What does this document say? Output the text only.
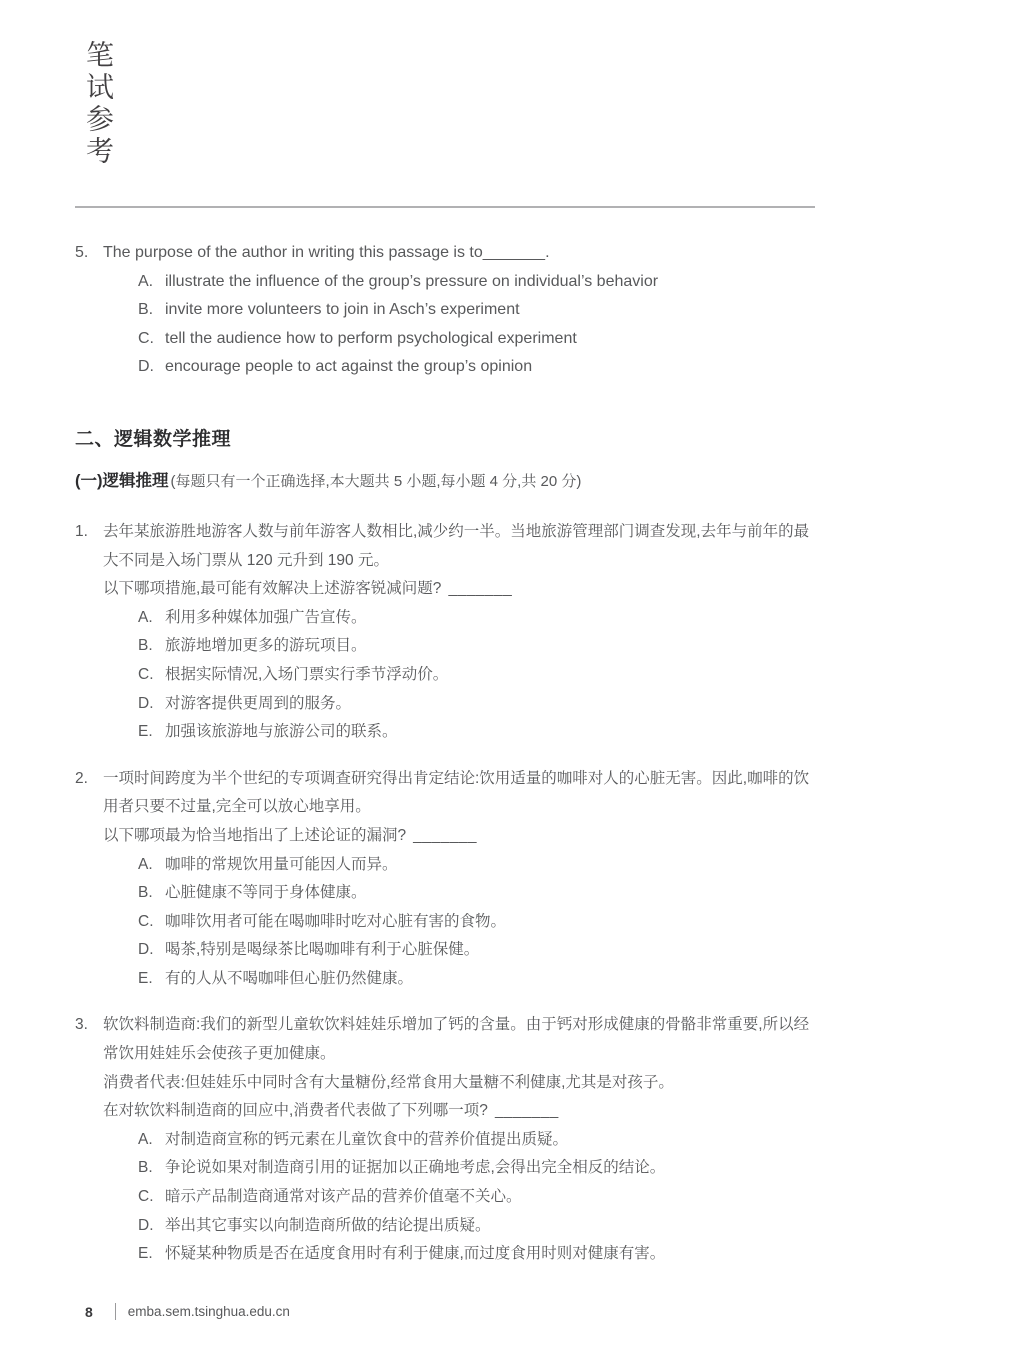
笔试参考
5. The purpose of the author in writing this passage is to_______.

A. illustrate the influence of the group’s pressure on individual’s behavior
B. invite more volunteers to join in Asch’s experiment
C. tell the audience how to perform psychological experiment
D. encourage people to act against the group’s opinion
二、逻辑数学推理

(一)逻辑推理 (每题只有一个正确选择,本大题共 5 小题,每小题 4 分,共 20 分)

1. 去年某旅游胜地游客人数与前年游客人数相比,减少约一半。当地旅游管理部门调查发现,去年与前年的最大不同是入场门票从 120 元升到 190 元。

以下哪项措施,最可能有效解决上述游客锐减问题? _______

A. 利用多种媒体加强广告宣传。
B. 旅游地增加更多的游玩项目。
C. 根据实际情况,入场门票实行季节浮动价。
D. 对游客提供更周到的服务。
E. 加强该旅游地与旅游公司的联系。
2. 一项时间跨度为半个世纪的专项调查研究得出肯定结论:饮用适量的咖啡对人的心脏无害。因此,咖啡的饮用者只要不过量,完全可以放心地享用。

以下哪项最为恰当地指出了上述论证的漏洞? _______

A. 咖啡的常规饮用量可能因人而异。
B. 心脏健康不等同于身体健康。
C. 咖啡饮用者可能在喝咖啡时吃对心脏有害的食物。
D. 喝茶,特别是喝绿茶比喝咖啡有利于心脏保健。
E. 有的人从不喝咖啡但心脏仍然健康。
3. 软饮料制造商:我们的新型儿童软饮料娃娃乐增加了钙的含量。由于钙对形成健康的骨骼非常重要,所以经常饮用娃娃乐会使孩子更加健康。

消费者代表:但娃娃乐中同时含有大量糖份,经常食用大量糖不利健康,尤其是对孩子。

在对软饮料制造商的回应中,消费者代表做了下列哪一项? _______

A. 对制造商宣称的钙元素在儿童饮食中的营养价值提出质疑。
B. 争论说如果对制造商引用的证据加以正确地考虑,会得出完全相反的结论。
C. 暗示产品制造商通常对该产品的营养价值毫不关心。
D. 举出其它事实以向制造商所做的结论提出质疑。
E. 怀疑某种物质是否在适度食用时有利于健康,而过度食用时则对健康有害。
8	emba.sem.tsinghua.edu.cn
